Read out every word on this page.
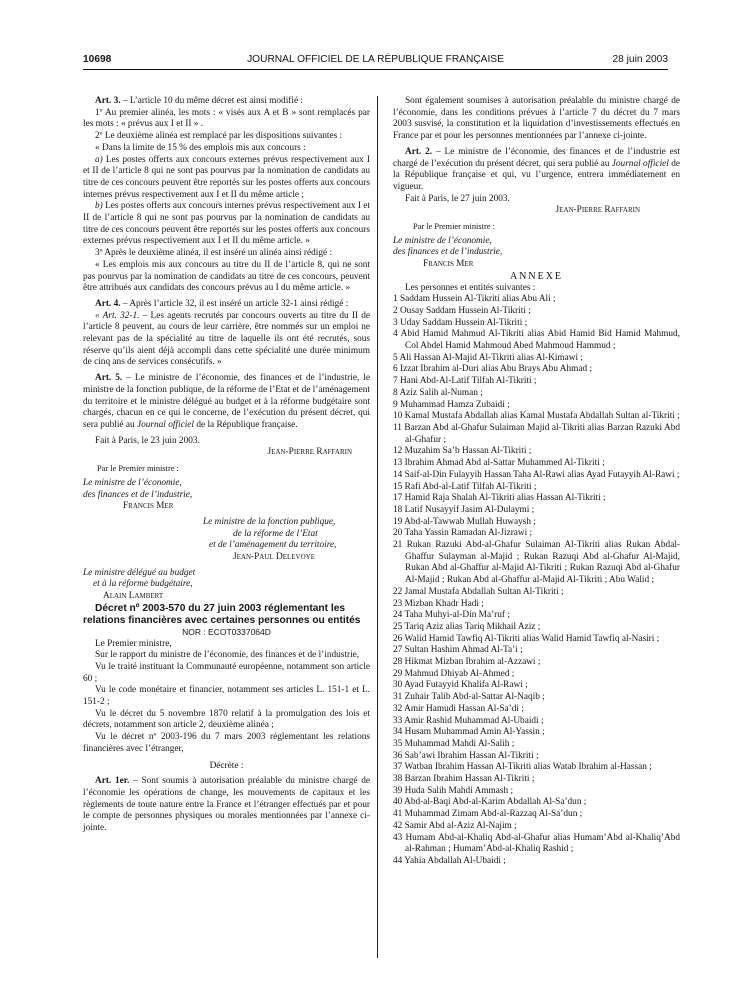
10698	JOURNAL OFFICIEL DE LA RÉPUBLIQUE FRANÇAISE	28 juin 2003

Art. 3. – L’article 10 du même décret est ainsi modifié :

1º Au premier alinéa, les mots : « visés aux A et B » sont remplacés par les mots : « prévus aux I et II » .

2º Le deuxième alinéa est remplacé par les dispositions suivantes :

« Dans la limite de 15 % des emplois mis aux concours :

a) Les postes offerts aux concours externes prévus respectivement aux I et II de l’article 8 qui ne sont pas pourvus par la nomination de candidats au titre de ces concours peuvent être reportés sur les postes offerts aux concours internes prévus respectivement aux I et II du même article ;

b) Les postes offerts aux concours internes prévus respectivement aux I et II de l’article 8 qui ne sont pas pourvus par la nomination de candidats au titre de ces concours peuvent être reportés sur les postes offerts aux concours externes prévus respectivement aux I et II du même article. »

3º Après le deuxième alinéa, il est inséré un alinéa ainsi rédigé :

« Les emplois mis aux concours au titre du II de l’article 8, qui ne sont pas pourvus par la nomination de candidats au titre de ces concours, peuvent être attribués aux candidats des concours prévus au I du même article. »

Art. 4. – Après l’article 32, il est inséré un article 32-1 ainsi rédigé :

« Art. 32-1. – Les agents recrutés par concours ouverts au titre du II de l’article 8 peuvent, au cours de leur carrière, être nommés sur un emploi ne relevant pas de la spécialité au titre de laquelle ils ont été recrutés, sous réserve qu’ils aient déjà accompli dans cette spécialité une durée minimum de cinq ans de services consécutifs. »

Art. 5. – Le ministre de l’économie, des finances et de l’industrie, le ministre de la fonction publique, de la réforme de l’Etat et de l’aménagement du territoire et le ministre délégué au budget et à la réforme budgétaire sont chargés, chacun en ce qui le concerne, de l’exécution du présent décret, qui sera publié au Journal officiel de la République française.

Fait à Paris, le 23 juin 2003.

Jean-Pierre Raffarin

Par le Premier ministre :

Le ministre de l’économie,

des finances et de l’industrie,

Francis Mer

Le ministre de la fonction publique,

de la réforme de l’Etat

et de l’aménagement du territoire,

Jean-Paul Delevoye

Le ministre délégué au budget

et à la réforme budgétaire,

Alain Lambert

Décret nº 2003-570 du 27 juin 2003 réglementant les relations financières avec certaines personnes ou entités

NOR : ECOT0337064D

Le Premier ministre,

Sur le rapport du ministre de l’économie, des finances et de l’industrie,

Vu le traité instituant la Communauté européenne, notamment son article 60 ;

Vu le code monétaire et financier, notamment ses articles L. 151-1 et L. 151-2 ;

Vu le décret du 5 novembre 1870 relatif à la promulgation des lois et décrets, notamment son article 2, deuxième alinéa ;

Vu le décret nº 2003-196 du 7 mars 2003 réglementant les relations financières avec l’étranger,

Décrète :

Art. 1er. – Sont soumis à autorisation préalable du ministre chargé de l’économie les opérations de change, les mouvements de capitaux et les règlements de toute nature entre la France et l’étranger effectués par et pour le compte de personnes physiques ou morales mentionnées par l’annexe ci-jointe.

Sont également soumises à autorisation préalable du ministre chargé de l’économie, dans les conditions prévues à l’article 7 du décret du 7 mars 2003 susvisé, la constitution et la liquidation d’investissements effectués en France par et pour les personnes mentionnées par l’annexe ci-jointe.

Art. 2. – Le ministre de l’économie, des finances et de l’industrie est chargé de l’exécution du présent décret, qui sera publié au Journal officiel de la République française et qui, vu l’urgence, entrera immédiatement en vigueur.

Fait à Paris, le 27 juin 2003.

Jean-Pierre Raffarin

Par le Premier ministre :

Le ministre de l’économie,

des finances et de l’industrie,

Francis Mer

ANNEXE

Les personnes et entités suivantes :

1 Saddam Hussein Al-Tikriti alias Abu Ali ;

2 Ousay Saddam Hussein Al-Tikriti ;

3 Uday Saddam Hussein Al-Tikriti ;

4 Abid Hamid Mahmud Al-Tikriti alias Abid Hamid Bid Hamid Mahmud, Col Abdel Hamid Mahmoud Abed Mahmoud Hammud ;

5 Ali Hassan Al-Majid Al-Tikriti alias Al-Kimawi ;

6 Izzat Ibrahim al-Duri alias Abu Brays Abu Ahmad ;

7 Hani Abd-Al-Latif Tilfah Al-Tikriti ;

8 Aziz Salih al-Numan ;

9 Muhammad Hamza Zubaidi ;

10 Kamal Mustafa Abdallah alias Kamal Mustafa Abdallah Sultan al-Tikriti ;

11 Barzan Abd al-Ghafur Sulaiman Majid al-Tikriti alias Barzan Razuki Abd al-Ghafur ;

12 Muzahim Sa’b Hassan Al-Tikriti ;

13 Ibrahim Ahmad Abd al-Sattar Muhammed Al-Tikriti ;

14 Saif-al-Din Fulayyih Hassan Taha Al-Rawi alias Ayad Futayyih Al-Rawi ;

15 Rafi Abd-al-Latif Tilfah Al-Tikriti ;

17 Hamid Raja Shalah Al-Tikriti alias Hassan Al-Tikriti ;

18 Latif Nusayyif Jasim Al-Dulaymi ;

19 Abd-al-Tawwab Mullah Huwaysh ;

20 Taha Yassin Ramadan Al-Jizrawi ;

21 Rukan Razuki Abd-al-Ghafur Sulaiman Al-Tikriti alias Rukan Abdal-Ghaffur Sulayman al-Majid ; Rukan Razuqi Abd al-Ghafur Al-Majid, Rukan Abd al-Ghaffur al-Majid Al-Tikriti ; Rukan Razuqi Abd al-Ghafur Al-Majid ; Rukan Abd al-Ghaffur al-Majid Al-Tikriti ; Abu Walid ;

22 Jamal Mustafa Abdallah Sultan Al-Tikriti ;

23 Mizban Khadr Hadi ;

24 Taha Muhyi-al-Din Ma’ruf ;

25 Tariq Aziz alias Tariq Mikhail Aziz ;

26 Walid Hamid Tawfiq Al-Tikriti alias Walid Hamid Tawfiq al-Nasiri ;

27 Sultan Hashim Ahmad Al-Ta’i ;

28 Hikmat Mizban Ibrahim al-Azzawi ;

29 Mahmud Dhiyab Al-Ahmed ;

30 Ayad Futayyid Khalifa Al-Rawi ;

31 Zuhair Talib Abd-al-Sattar Al-Naqib ;

32 Amir Hamudi Hassan Al-Sa’di ;

33 Amir Rashid Muhammad Al-Ubaidi ;

34 Husam Muhammad Amin Al-Yassin ;

35 Muhammad Mahdi Al-Salih ;

36 Sab’awi Ibrahim Hassan Al-Tikriti ;

37 Watban Ibrahim Hassan Al-Tikriti alias Watab Ibrahim al-Hassan ;

38 Barzan Ibrahim Hassan Al-Tikriti ;

39 Huda Salih Mahdi Ammash ;

40 Abd-al-Baqi Abd-al-Karim Abdallah Al-Sa’dun ;

41 Muhammad Zimam Abd-al-Razzaq Al-Sa’dun ;

42 Samir Abd al-Aziz Al-Najim ;

43 Humam Abd-al-Khaliq Abd-al-Ghafur alias Humam’Abd al-Khaliq’Abd al-Rahman ; Humam’Abd-al-Khaliq Rashid ;

44 Yahia Abdallah Al-Ubaidi ;
